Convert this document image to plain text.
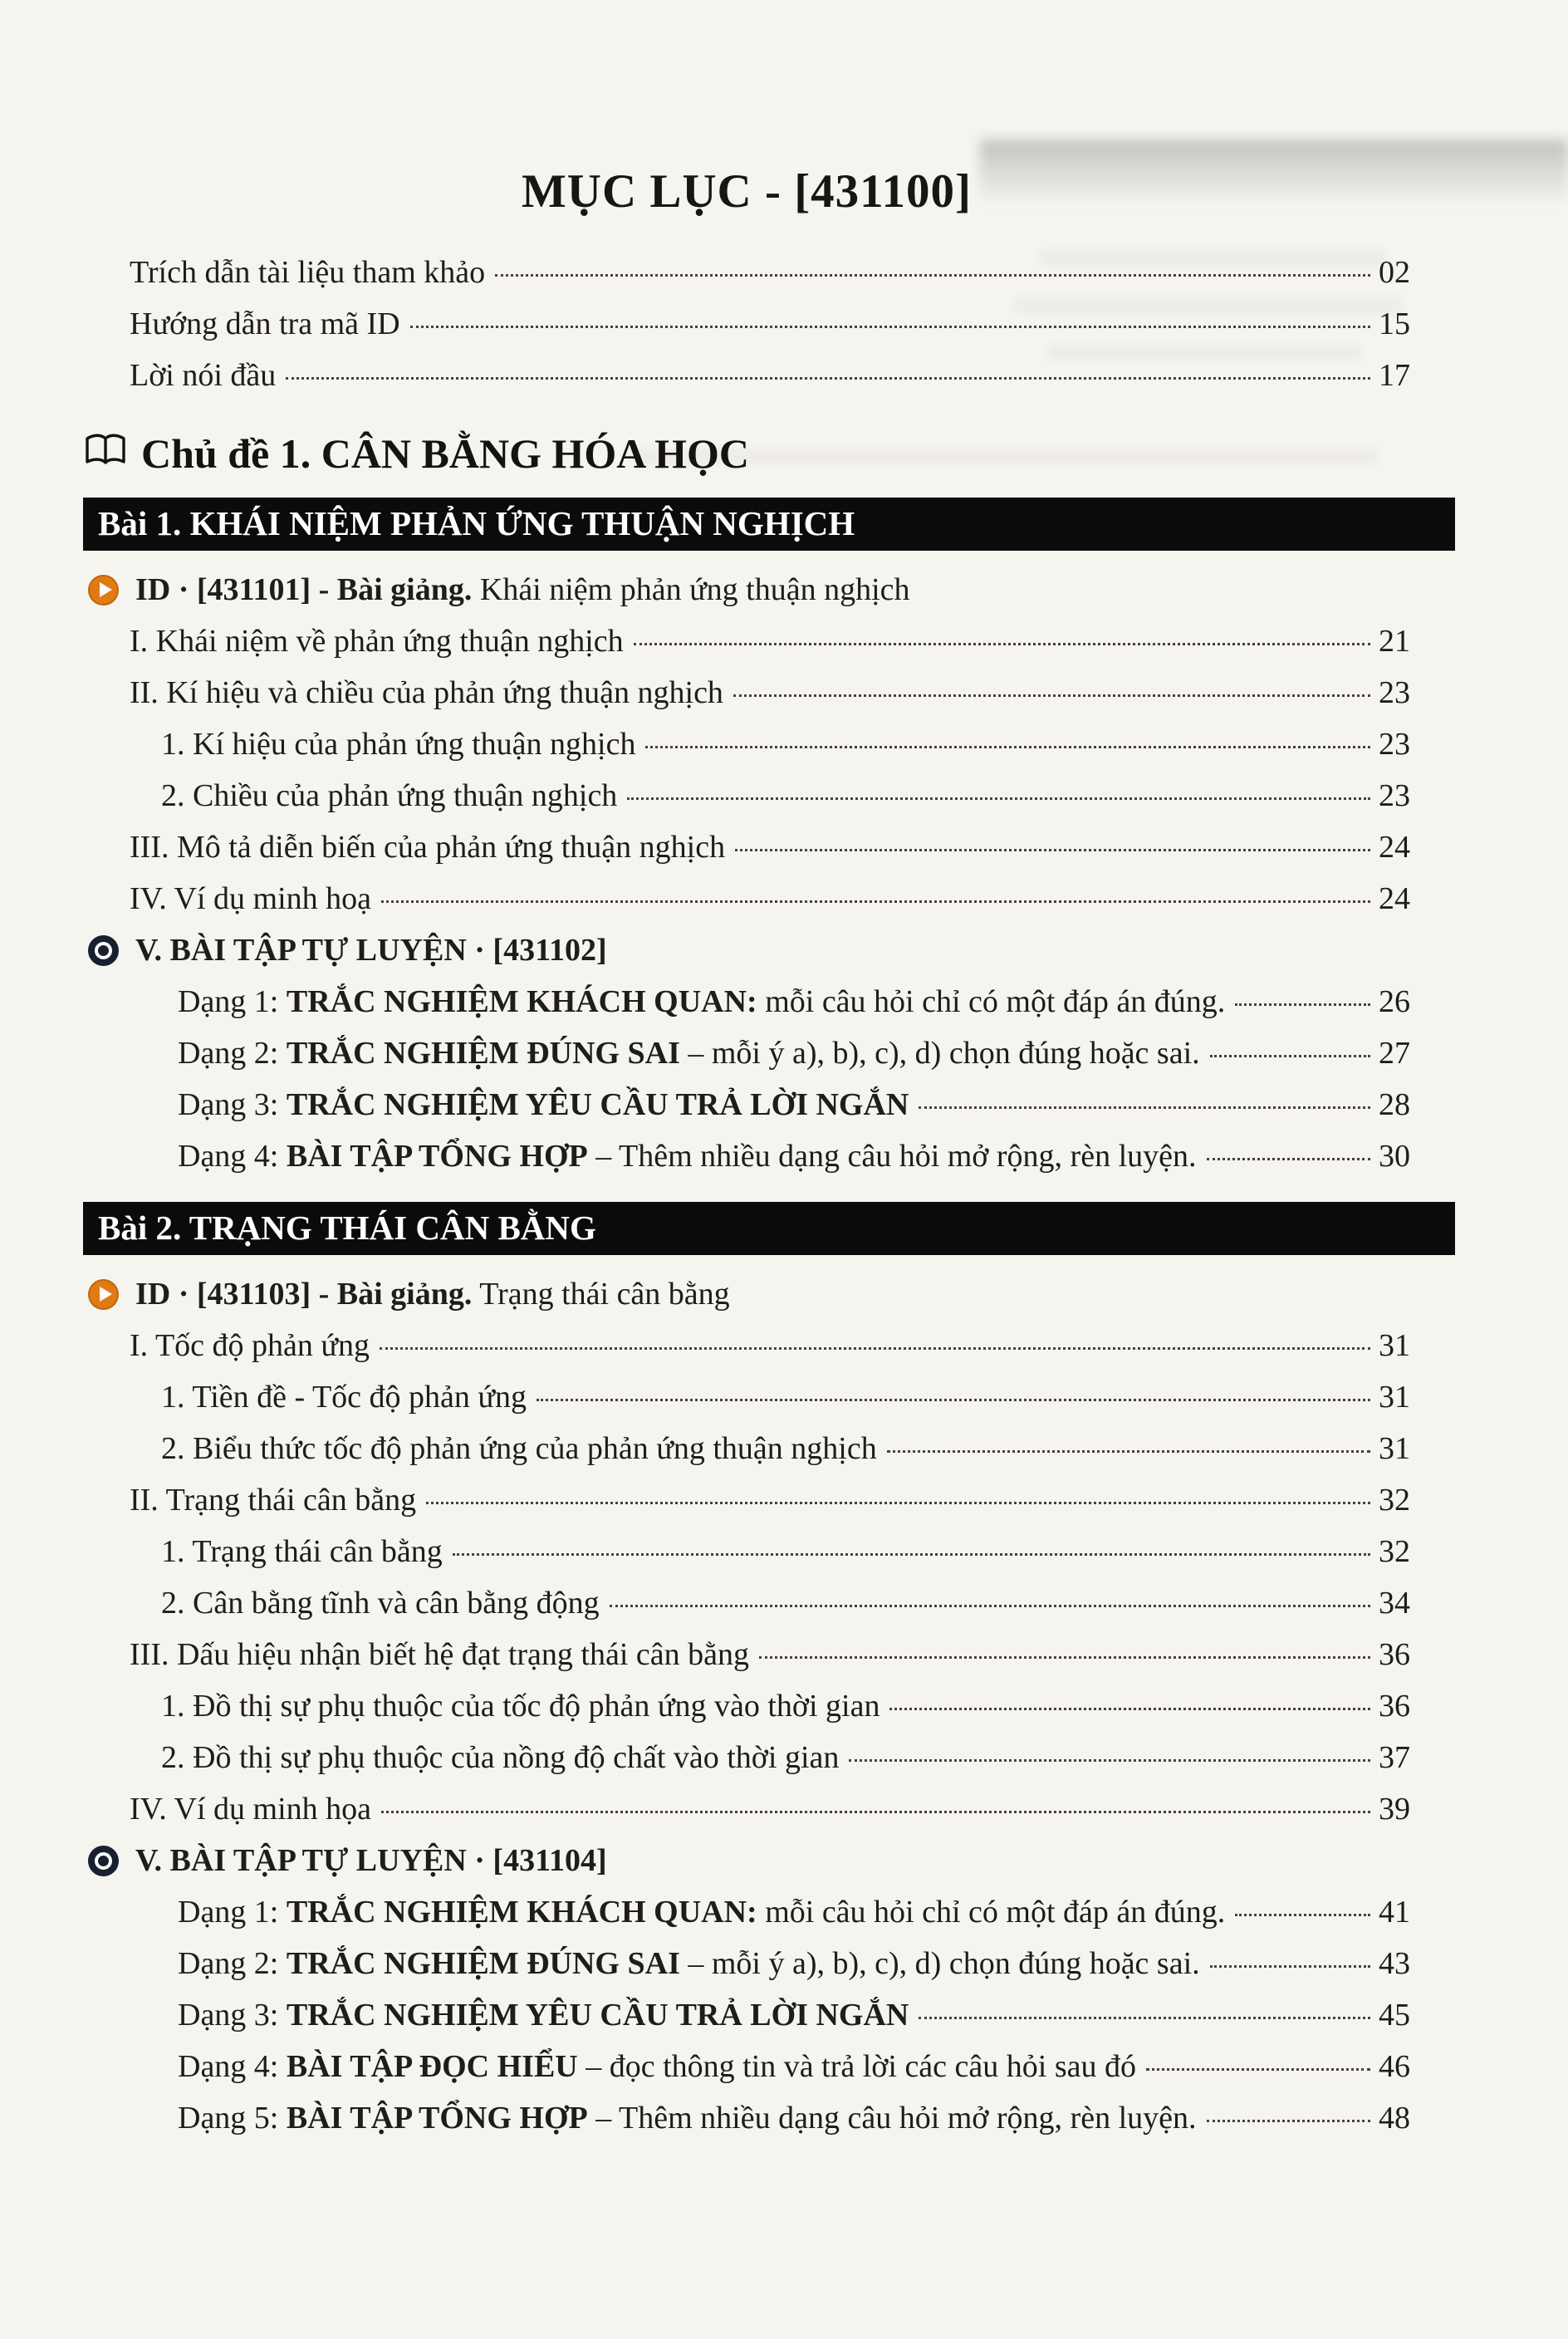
MỤC LỤC - [431100]
Trích dẫn tài liệu tham khảo	02
Hướng dẫn tra mã ID	15
Lời nói đầu	17
Chủ đề 1. CÂN BẰNG HÓA HỌC
Bài 1. KHÁI NIỆM PHẢN ỨNG THUẬN NGHỊCH
ID · [431101] - Bài giảng. Khái niệm phản ứng thuận nghịch
I. Khái niệm về phản ứng thuận nghịch	21
II. Kí hiệu và chiều của phản ứng thuận nghịch	23
1. Kí hiệu của phản ứng thuận nghịch	23
2. Chiều của phản ứng thuận nghịch	23
III. Mô tả diễn biến của phản ứng thuận nghịch	24
IV. Ví dụ minh hoạ	24
V. BÀI TẬP TỰ LUYỆN · [431102]
Dạng 1: TRẮC NGHIỆM KHÁCH QUAN: mỗi câu hỏi chỉ có một đáp án đúng.	26
Dạng 2: TRẮC NGHIỆM ĐÚNG SAI – mỗi ý a), b), c), d) chọn đúng hoặc sai.	27
Dạng 3: TRẮC NGHIỆM YÊU CẦU TRẢ LỜI NGẮN	28
Dạng 4: BÀI TẬP TỔNG HỢP – Thêm nhiều dạng câu hỏi mở rộng, rèn luyện.	30
Bài 2. TRẠNG THÁI CÂN BẰNG
ID · [431103] - Bài giảng. Trạng thái cân bằng
I. Tốc độ phản ứng	31
1. Tiền đề - Tốc độ phản ứng	31
2. Biểu thức tốc độ phản ứng của phản ứng thuận nghịch	31
II. Trạng thái cân bằng	32
1. Trạng thái cân bằng	32
2. Cân bằng tĩnh và cân bằng động	34
III. Dấu hiệu nhận biết hệ đạt trạng thái cân bằng	36
1. Đồ thị sự phụ thuộc của tốc độ phản ứng vào thời gian	36
2. Đồ thị sự phụ thuộc của nồng độ chất vào thời gian	37
IV. Ví dụ minh họa	39
V. BÀI TẬP TỰ LUYỆN · [431104]
Dạng 1: TRẮC NGHIỆM KHÁCH QUAN: mỗi câu hỏi chỉ có một đáp án đúng.	41
Dạng 2: TRẮC NGHIỆM ĐÚNG SAI – mỗi ý a), b), c), d) chọn đúng hoặc sai.	43
Dạng 3: TRẮC NGHIỆM YÊU CẦU TRẢ LỜI NGẮN	45
Dạng 4: BÀI TẬP ĐỌC HIỂU – đọc thông tin và trả lời các câu hỏi sau đó	46
Dạng 5: BÀI TẬP TỔNG HỢP – Thêm nhiều dạng câu hỏi mở rộng, rèn luyện.	48
